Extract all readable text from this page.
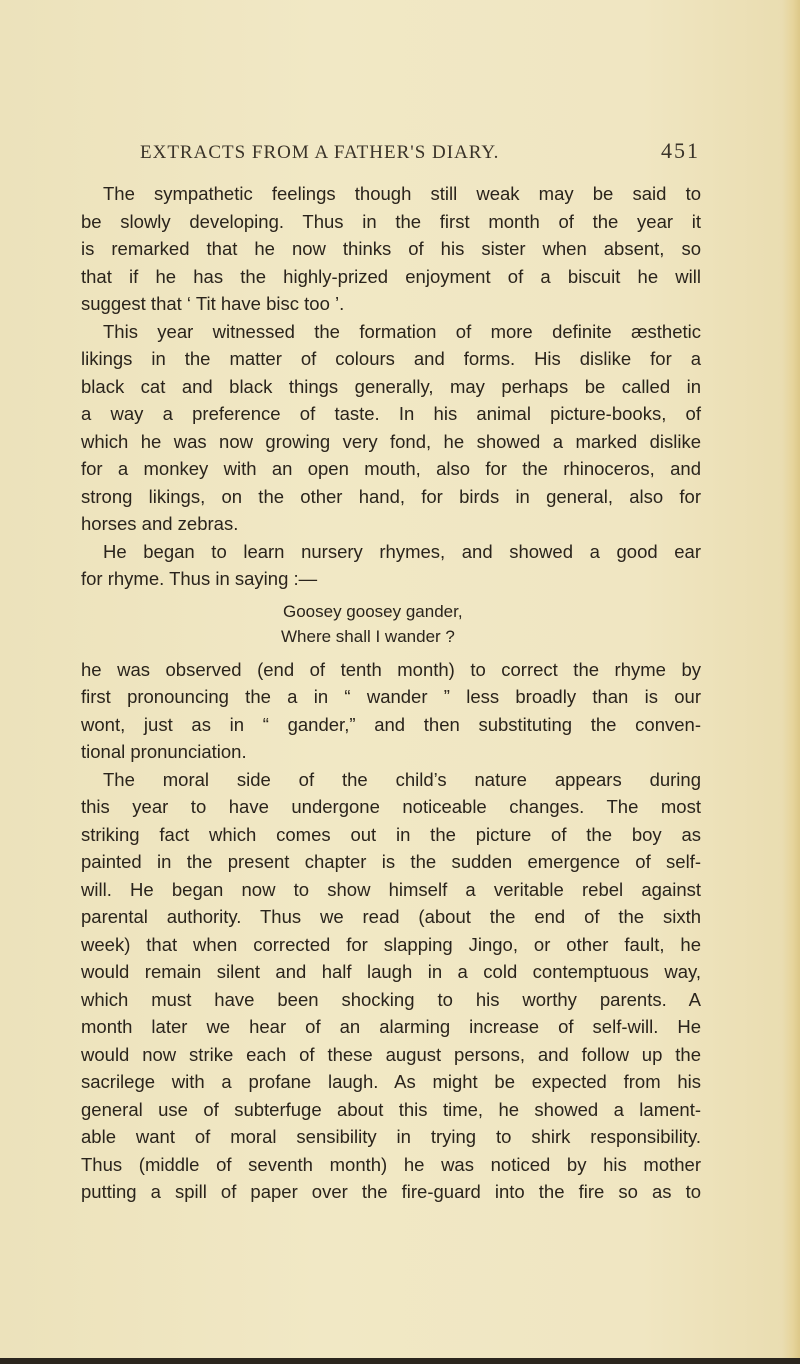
EXTRACTS FROM A FATHER'S DIARY.	451
The sympathetic feelings though still weak may be said to
be slowly developing. Thus in the first month of the year it
is remarked that he now thinks of his sister when absent, so
that if he has the highly-prized enjoyment of a biscuit he will
suggest that ‘ Tit have bisc too ’.
This year witnessed the formation of more definite æsthetic
likings in the matter of colours and forms. His dislike for a
black cat and black things generally, may perhaps be called in
a way a preference of taste. In his animal picture-books, of
which he was now growing very fond, he showed a marked dislike
for a monkey with an open mouth, also for the rhinoceros, and
strong likings, on the other hand, for birds in general, also for
horses and zebras.
He began to learn nursery rhymes, and showed a good ear
for rhyme. Thus in saying :—
Goosey goosey gander,
Where shall I wander ?
he was observed (end of tenth month) to correct the rhyme by
first pronouncing the a in “ wander ” less broadly than is our
wont, just as in “ gander,” and then substituting the conven-
tional pronunciation.
The moral side of the child’s nature appears during
this year to have undergone noticeable changes. The most
striking fact which comes out in the picture of the boy as
painted in the present chapter is the sudden emergence of self-
will. He began now to show himself a veritable rebel against
parental authority. Thus we read (about the end of the sixth
week) that when corrected for slapping Jingo, or other fault, he
would remain silent and half laugh in a cold contemptuous way,
which must have been shocking to his worthy parents. A
month later we hear of an alarming increase of self-will. He
would now strike each of these august persons, and follow up the
sacrilege with a profane laugh. As might be expected from his
general use of subterfuge about this time, he showed a lament-
able want of moral sensibility in trying to shirk responsibility.
Thus (middle of seventh month) he was noticed by his mother
putting a spill of paper over the fire-guard into the fire so as to
